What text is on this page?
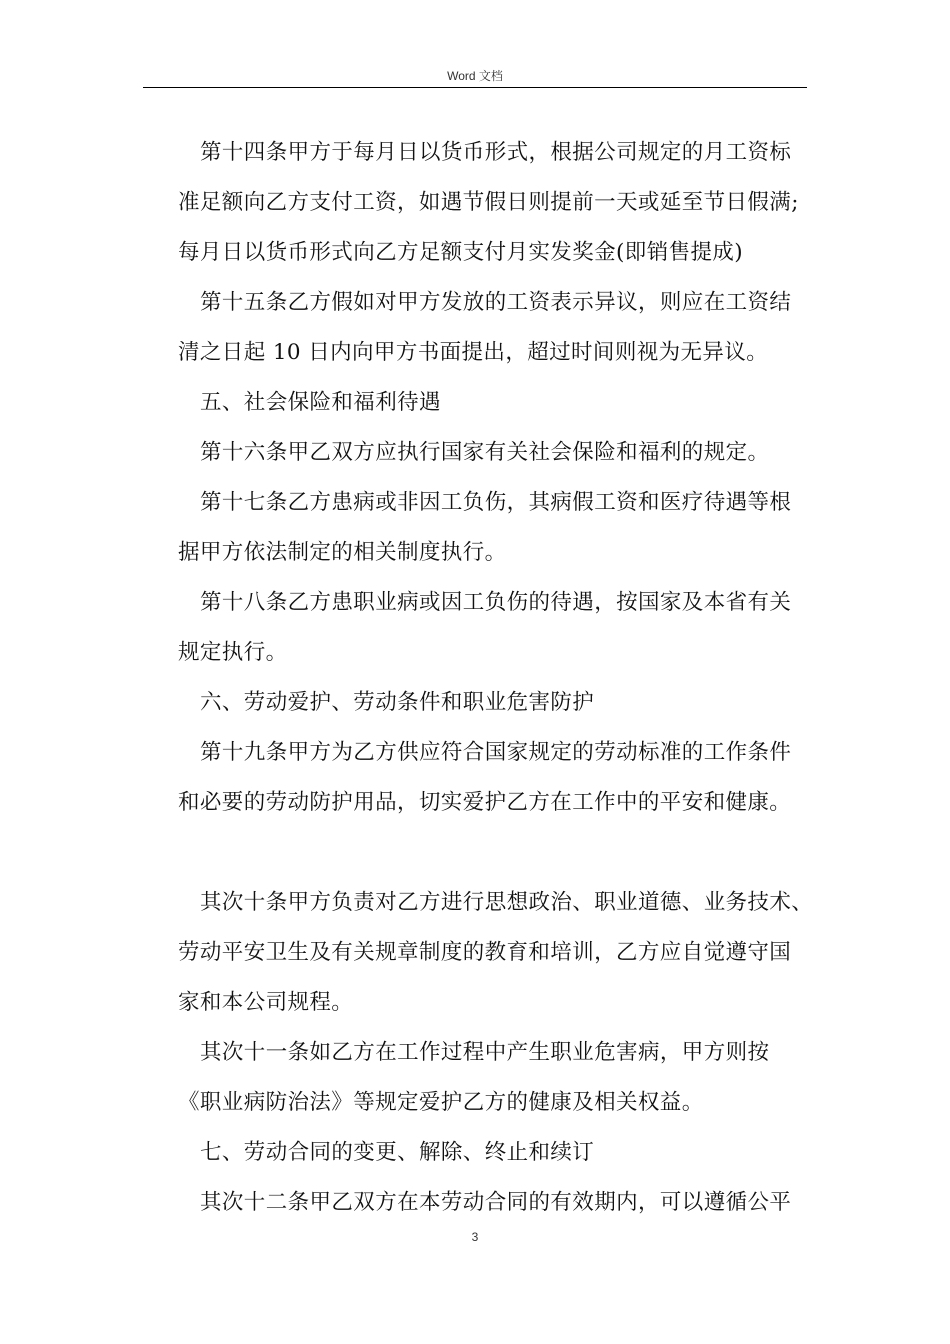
Word 文档
第十四条甲方于每月日以货币形式，根据公司规定的月工资标
准足额向乙方支付工资，如遇节假日则提前一天或延至节日假满;
每月日以货币形式向乙方足额支付月实发奖金(即销售提成)
第十五条乙方假如对甲方发放的工资表示异议，则应在工资结
清之日起 10 日内向甲方书面提出，超过时间则视为无异议。
五、社会保险和福利待遇
第十六条甲乙双方应执行国家有关社会保险和福利的规定。
第十七条乙方患病或非因工负伤，其病假工资和医疗待遇等根
据甲方依法制定的相关制度执行。
第十八条乙方患职业病或因工负伤的待遇，按国家及本省有关
规定执行。
六、劳动爱护、劳动条件和职业危害防护
第十九条甲方为乙方供应符合国家规定的劳动标准的工作条件
和必要的劳动防护用品，切实爱护乙方在工作中的平安和健康。
其次十条甲方负责对乙方进行思想政治、职业道德、业务技术、
劳动平安卫生及有关规章制度的教育和培训，乙方应自觉遵守国
家和本公司规程。
其次十一条如乙方在工作过程中产生职业危害病，甲方则按
《职业病防治法》等规定爱护乙方的健康及相关权益。
七、劳动合同的变更、解除、终止和续订
其次十二条甲乙双方在本劳动合同的有效期内，可以遵循公平
3
